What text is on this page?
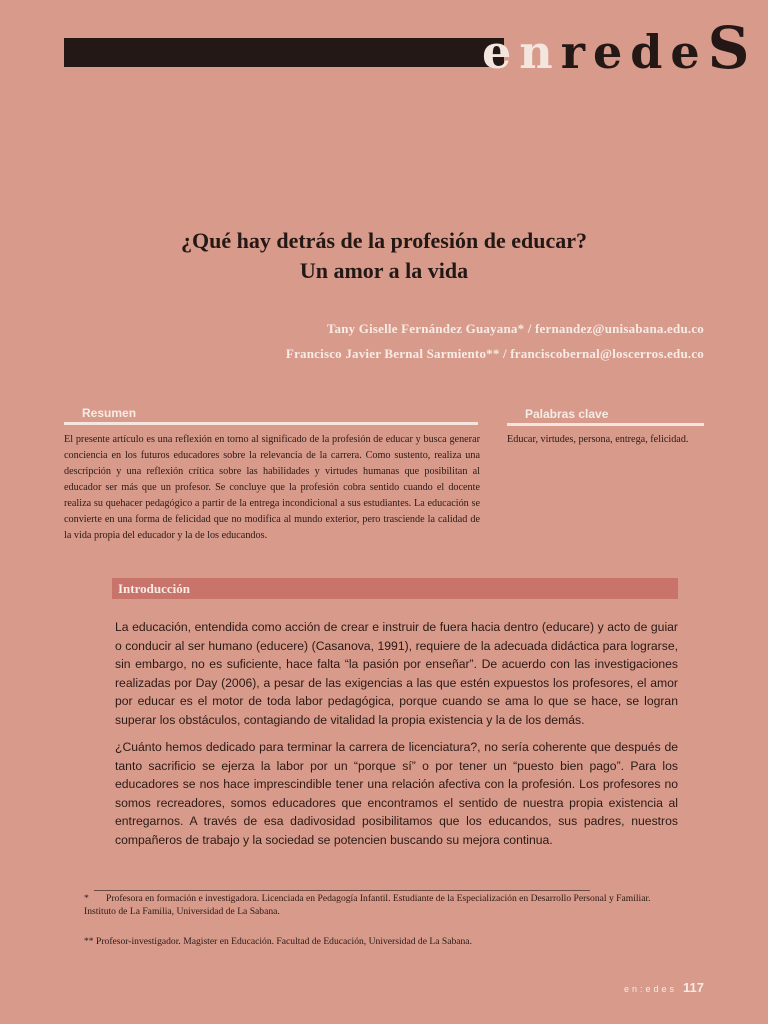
enredeS
¿Qué hay detrás de la profesión de educar?
Un amor a la vida
Tany Giselle Fernández Guayana* / fernandez@unisabana.edu.co
Francisco Javier Bernal Sarmiento** / franciscobernal@loscerros.edu.co
Resumen	Palabras clave
El presente artículo es una reflexión en torno al significado de la profesión de educar y busca generar conciencia en los futuros educadores sobre la relevancia de la carrera. Como sustento, realiza una descripción y una reflexión crítica sobre las habilidades y virtudes humanas que posibilitan al educador ser más que un profesor. Se concluye que la profesión cobra sentido cuando el docente realiza su quehacer pedagógico a partir de la entrega incondicional a sus estudiantes. La educación se convierte en una forma de felicidad que no modifica al mundo exterior, pero trasciende la calidad de la vida propia del educador y la de los educandos.
Educar, virtudes, persona, entrega, felicidad.
Introducción
La educación, entendida como acción de crear e instruir de fuera hacia dentro (educare) y acto de guiar o conducir al ser humano (educere) (Casanova, 1991), requiere de la adecuada didáctica para lograrse, sin embargo, no es suficiente, hace falta “la pasión por enseñar”. De acuerdo con las investigaciones realizadas por Day (2006), a pesar de las exigencias a las que estén expuestos los profesores, el amor por educar es el motor de toda labor pedagógica, porque cuando se ama lo que se hace, se logran superar los obstáculos, contagiando de vitalidad la propia existencia y la de los demás.
¿Cuánto hemos dedicado para terminar la carrera de licenciatura?, no sería coherente que después de tanto sacrificio se ejerza la labor por un “porque sí” o por tener un “puesto bien pago”. Para los educadores se nos hace imprescindible tener una relación afectiva con la profesión. Los profesores no somos recreadores, somos educadores que encontramos el sentido de nuestra propia existencia al entregarnos. A través de esa dadivosidad posibilitamos que los educandos, sus padres, nuestros compañeros de trabajo y la sociedad se potencien buscando su mejora continua.
* Profesora en formación e investigadora. Licenciada en Pedagogía Infantil. Estudiante de la Especialización en Desarrollo Personal y Familiar. Instituto de La Familia, Universidad de La Sabana.
** Profesor-investigador. Magister en Educación. Facultad de Educación, Universidad de La Sabana.
en:edes 117
